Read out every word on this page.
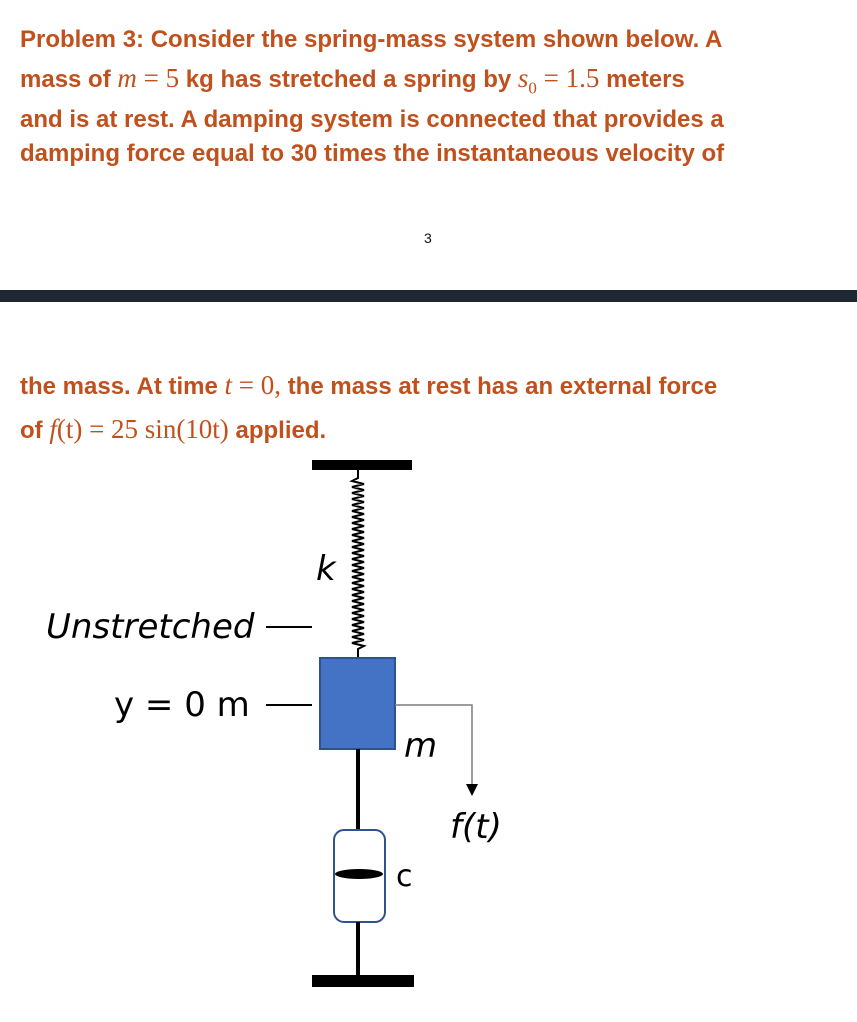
Problem 3: Consider the spring-mass system shown below. A
mass of m = 5 kg has stretched a spring by $s_0 = 1.5$ meters
and is at rest. A damping system is connected that provides a
damping force equal to 30 times the instantaneous velocity of
3
the mass. At time t = 0, the mass at rest has an external force
of f(t) = 25 sin(10t) applied.
k
Unstretched
y = 0 m
m
f(t)
c
